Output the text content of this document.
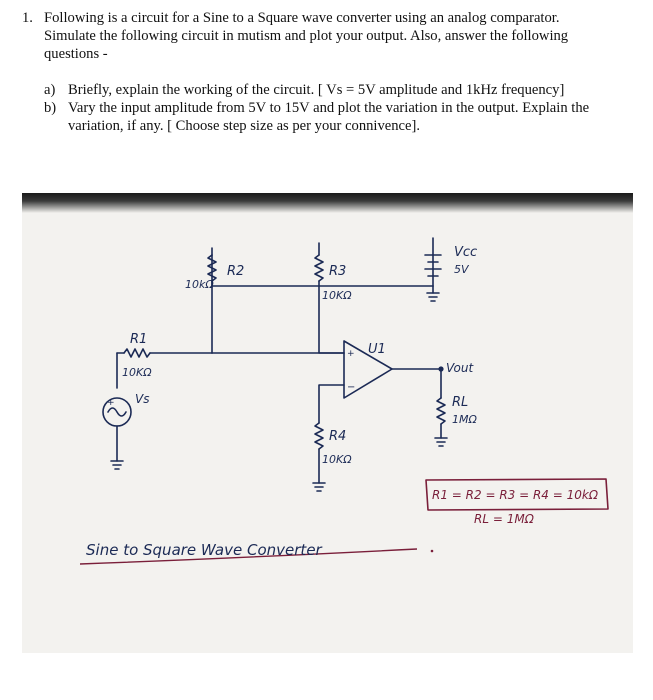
1. Following is a circuit for a Sine to a Square wave converter using an analog comparator.
Simulate the following circuit in mutism and plot your output. Also, answer the following
questions -
a) Briefly, explain the working of the circuit. [ Vs = 5V amplitude and 1kHz frequency]
b) Vary the input amplitude from 5V to 15V and plot the variation in the output. Explain the
variation, if any. [ Choose step size as per your connivence].
10kΩ
R2	R3
10KΩ
Vcc
5V
R1
10KΩ
U1
+
−
Vout
RL
1MΩ
+ Vs
R4
10KΩ
R1 = R2 = R3 = R4 = 10kΩ
RL = 1MΩ
Sine to Square Wave Converter
